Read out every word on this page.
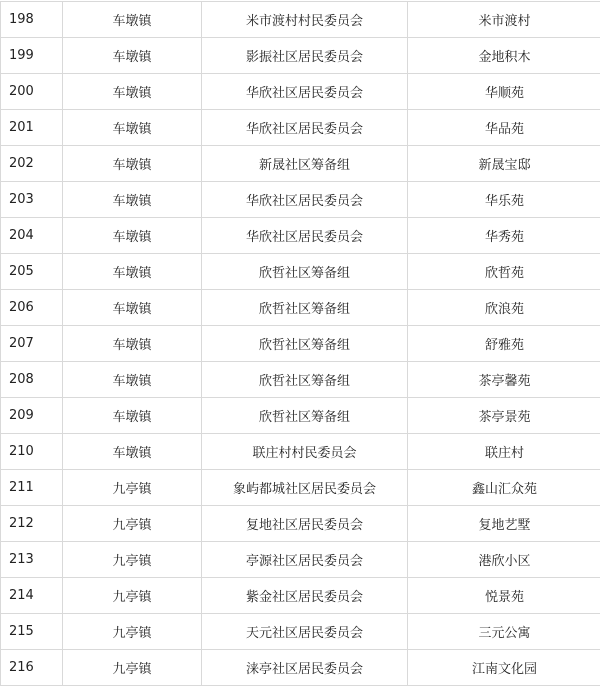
198	车墩镇	米市渡村村民委员会	米市渡村
199	车墩镇	影振社区居民委员会	金地积木
200	车墩镇	华欣社区居民委员会	华顺苑
201	车墩镇	华欣社区居民委员会	华品苑
202	车墩镇	新晟社区筹备组	新晟宝邸
203	车墩镇	华欣社区居民委员会	华乐苑
204	车墩镇	华欣社区居民委员会	华秀苑
205	车墩镇	欣哲社区筹备组	欣哲苑
206	车墩镇	欣哲社区筹备组	欣浪苑
207	车墩镇	欣哲社区筹备组	舒雅苑
208	车墩镇	欣哲社区筹备组	茶亭馨苑
209	车墩镇	欣哲社区筹备组	茶亭景苑
210	车墩镇	联庄村村民委员会	联庄村
211	九亭镇	象屿都城社区居民委员会	鑫山汇众苑
212	九亭镇	复地社区居民委员会	复地艺墅
213	九亭镇	亭源社区居民委员会	港欣小区
214	九亭镇	紫金社区居民委员会	悦景苑
215	九亭镇	天元社区居民委员会	三元公寓
216	九亭镇	涞亭社区居民委员会	江南文化园
